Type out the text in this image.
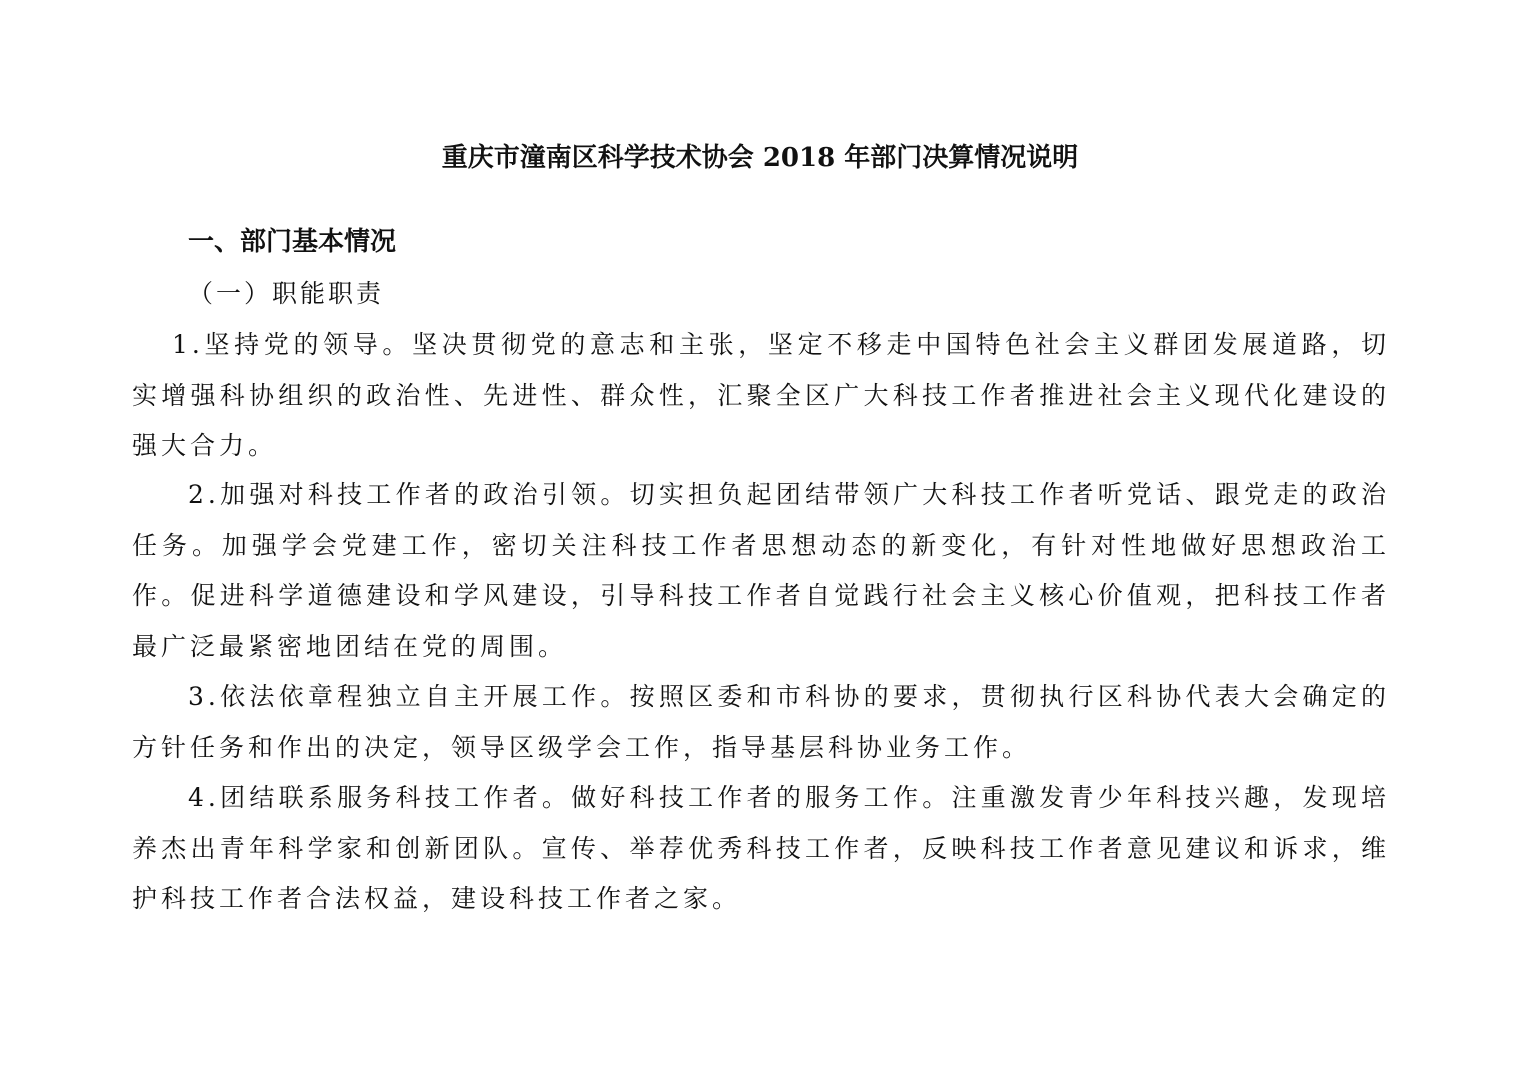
重庆市潼南区科学技术协会 2018 年部门决算情况说明
一、部门基本情况
（一）职能职责

1.坚持党的领导。坚决贯彻党的意志和主张，坚定不移走中国特色社会主义群团发展道路，切实增强科协组织的政治性、先进性、群众性，汇聚全区广大科技工作者推进社会主义现代化建设的强大合力。

2.加强对科技工作者的政治引领。切实担负起团结带领广大科技工作者听党话、跟党走的政治任务。加强学会党建工作，密切关注科技工作者思想动态的新变化，有针对性地做好思想政治工作。促进科学道德建设和学风建设，引导科技工作者自觉践行社会主义核心价值观，把科技工作者最广泛最紧密地团结在党的周围。

3.依法依章程独立自主开展工作。按照区委和市科协的要求，贯彻执行区科协代表大会确定的方针任务和作出的决定，领导区级学会工作，指导基层科协业务工作。

4.团结联系服务科技工作者。做好科技工作者的服务工作。注重激发青少年科技兴趣，发现培养杰出青年科学家和创新团队。宣传、举荐优秀科技工作者，反映科技工作者意见建议和诉求，维护科技工作者合法权益，建设科技工作者之家。
